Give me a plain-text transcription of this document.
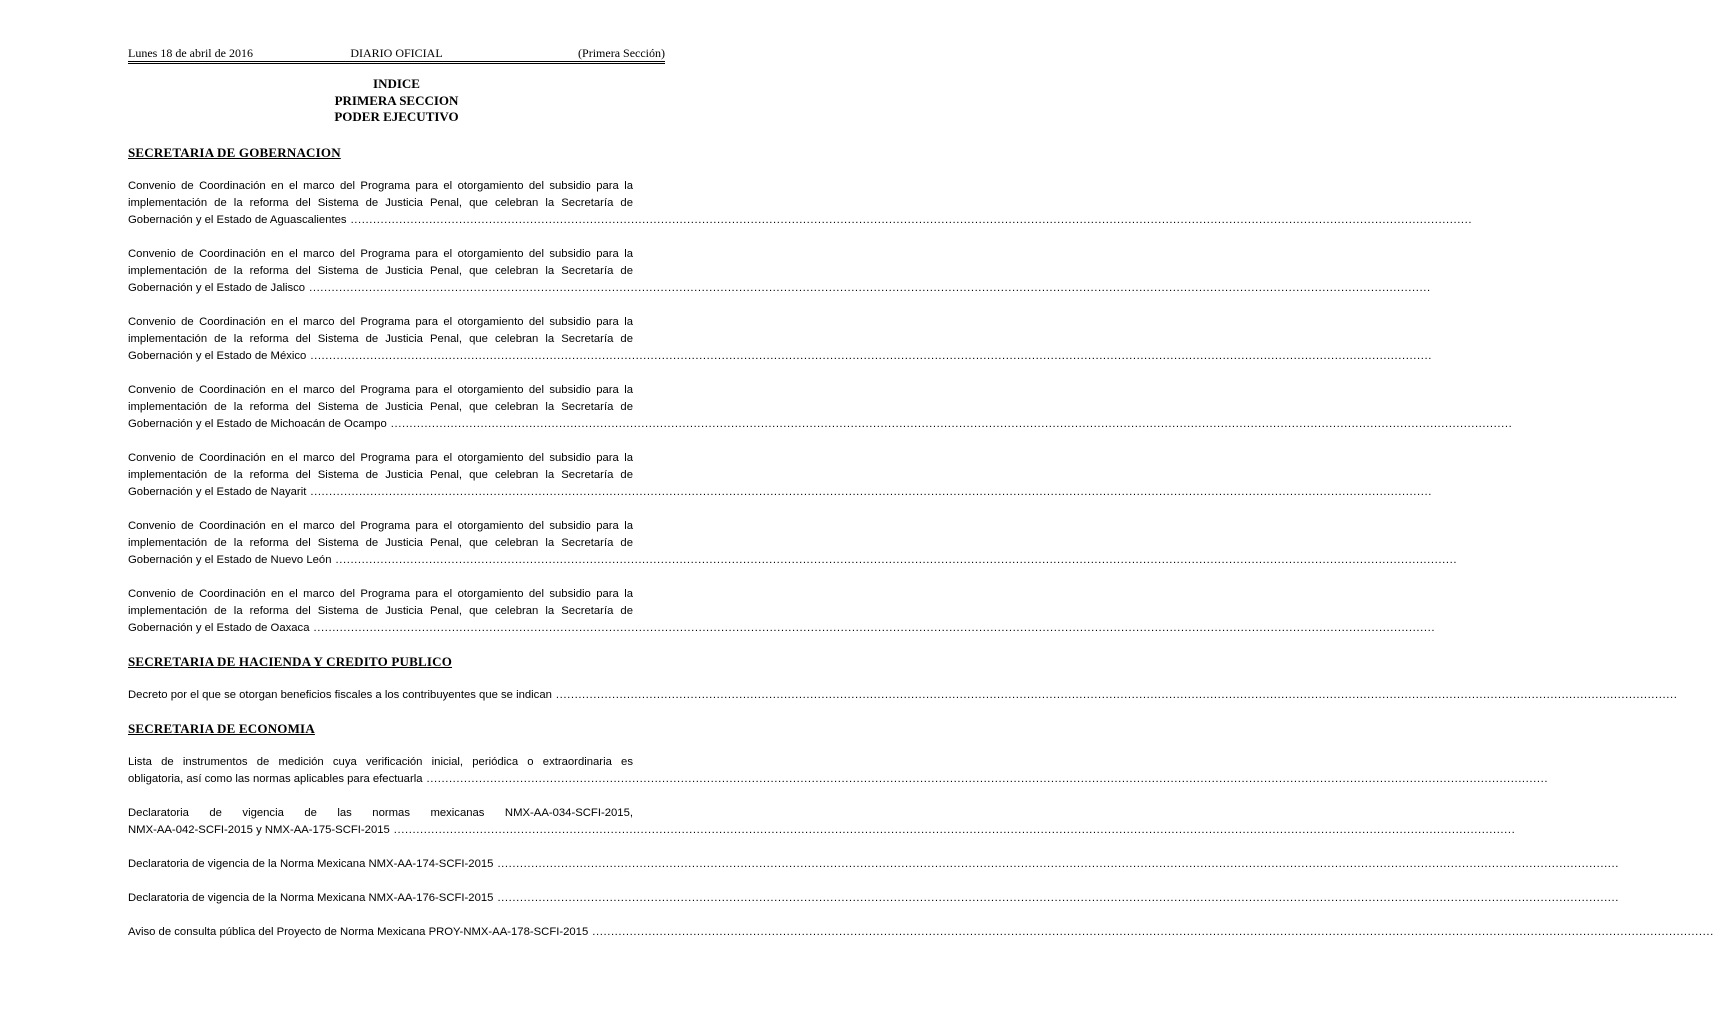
Lunes 18 de abril de 2016	DIARIO OFICIAL	(Primera Sección)
INDICE
PRIMERA SECCION
PODER EJECUTIVO
SECRETARIA DE GOBERNACION

Convenio de Coordinación en el marco del Programa para el otorgamiento del subsidio para la implementación de la reforma del Sistema de Justicia Penal, que celebran la Secretaría de

Gobernación y el Estado de Aguascalientes ............................................................................................................................................................................................................................................................................................................

Convenio de Coordinación en el marco del Programa para el otorgamiento del subsidio para la implementación de la reforma del Sistema de Justicia Penal, que celebran la Secretaría de

Gobernación y el Estado de Jalisco ............................................................................................................................................................................................................................................................................................................

Convenio de Coordinación en el marco del Programa para el otorgamiento del subsidio para la implementación de la reforma del Sistema de Justicia Penal, que celebran la Secretaría de

Gobernación y el Estado de México ............................................................................................................................................................................................................................................................................................................

Convenio de Coordinación en el marco del Programa para el otorgamiento del subsidio para la implementación de la reforma del Sistema de Justicia Penal, que celebran la Secretaría de

Gobernación y el Estado de Michoacán de Ocampo ............................................................................................................................................................................................................................................................................................................

Convenio de Coordinación en el marco del Programa para el otorgamiento del subsidio para la implementación de la reforma del Sistema de Justicia Penal, que celebran la Secretaría de

Gobernación y el Estado de Nayarit ............................................................................................................................................................................................................................................................................................................

Convenio de Coordinación en el marco del Programa para el otorgamiento del subsidio para la implementación de la reforma del Sistema de Justicia Penal, que celebran la Secretaría de

Gobernación y el Estado de Nuevo León ............................................................................................................................................................................................................................................................................................................

Convenio de Coordinación en el marco del Programa para el otorgamiento del subsidio para la implementación de la reforma del Sistema de Justicia Penal, que celebran la Secretaría de

Gobernación y el Estado de Oaxaca ............................................................................................................................................................................................................................................................................................................
SECRETARIA DE HACIENDA Y CREDITO PUBLICO
Decreto por el que se otorgan beneficios fiscales a los contribuyentes que se indican ............................................................................................................................................................................................................................................................................................................
SECRETARIA DE ECONOMIA

Lista de instrumentos de medición cuya verificación inicial, periódica o extraordinaria es

obligatoria, así como las normas aplicables para efectuarla ............................................................................................................................................................................................................................................................................................................

Declaratoria de vigencia de las normas mexicanas NMX-AA-034-SCFI-2015,

NMX-AA-042-SCFI-2015 y NMX-AA-175-SCFI-2015 ............................................................................................................................................................................................................................................................................................................
Declaratoria de vigencia de la Norma Mexicana NMX-AA-174-SCFI-2015 ............................................................................................................................................................................................................................................................................................................
Declaratoria de vigencia de la Norma Mexicana NMX-AA-176-SCFI-2015 ............................................................................................................................................................................................................................................................................................................
Aviso de consulta pública del Proyecto de Norma Mexicana PROY-NMX-AA-178-SCFI-2015 ............................................................................................................................................................................................................................................................................................................
